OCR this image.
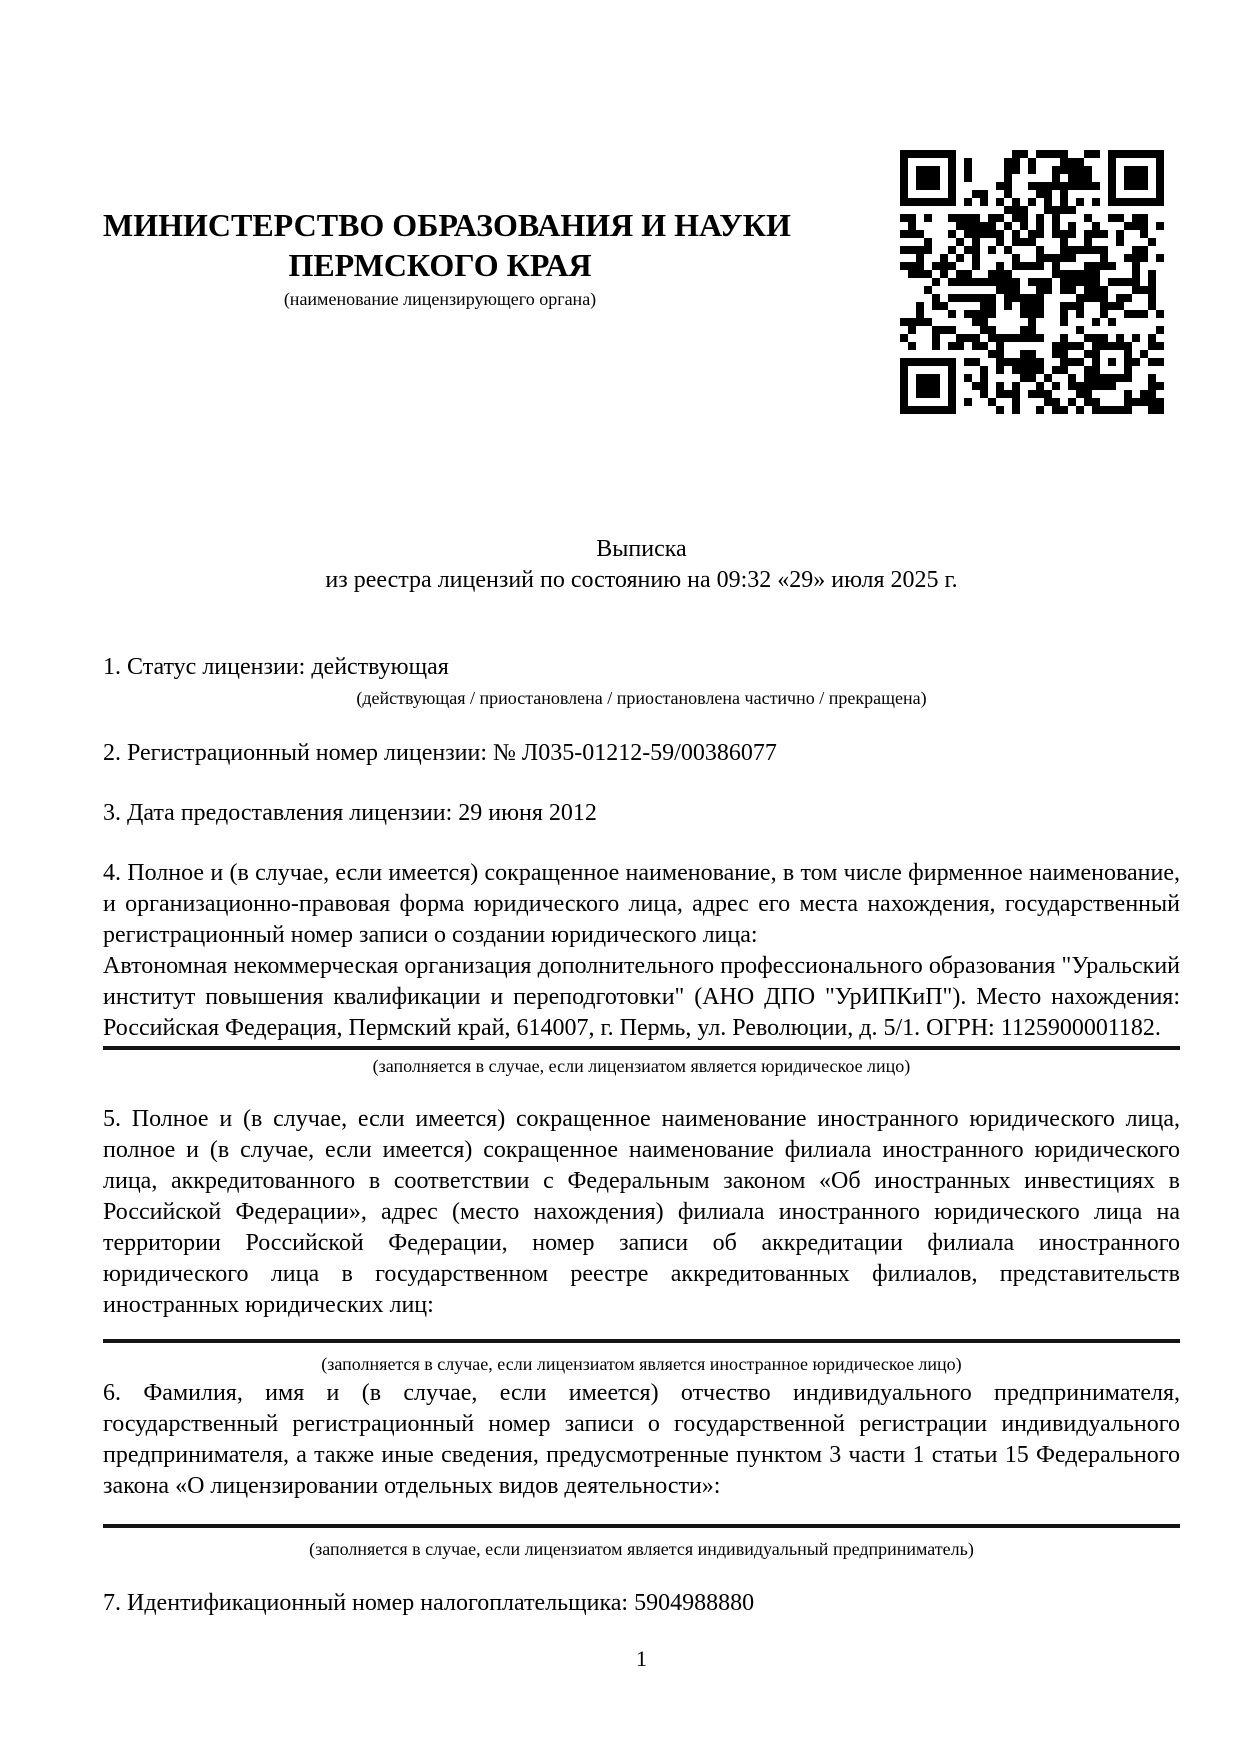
МИНИСТЕРСТВО ОБРАЗОВАНИЯ И НАУКИ
ПЕРМСКОГО КРАЯ
(наименование лицензирующего органа)
Выписка
из реестра лицензий по состоянию на 09:32 «29» июля 2025 г.
1. Статус лицензии: действующая
(действующая / приостановлена / приостановлена частично / прекращена)
2. Регистрационный номер лицензии: № Л035-01212-59/00386077
3. Дата предоставления лицензии: 29 июня 2012
4. Полное и (в случае, если имеется) сокращенное наименование, в том числе фирменное наименование, и организационно-правовая форма юридического лица, адрес его места нахождения, государственный регистрационный номер записи о создании юридического лица:
Автономная некоммерческая организация дополнительного профессионального образования "Уральский институт повышения квалификации и переподготовки" (АНО ДПО "УрИПКиП"). Место нахождения: Российская Федерация, Пермский край, 614007, г. Пермь, ул. Революции, д. 5/1. ОГРН: 1125900001182.
(заполняется в случае, если лицензиатом является юридическое лицо)
5. Полное и (в случае, если имеется) сокращенное наименование иностранного юридического лица, полное и (в случае, если имеется) сокращенное наименование филиала иностранного юридического лица, аккредитованного в соответствии с Федеральным законом «Об иностранных инвестициях в Российской Федерации», адрес (место нахождения) филиала иностранного юридического лица на территории Российской Федерации, номер записи об аккредитации филиала иностранного юридического лица в государственном реестре аккредитованных филиалов, представительств иностранных юридических лиц:
(заполняется в случае, если лицензиатом является иностранное юридическое лицо)
6. Фамилия, имя и (в случае, если имеется) отчество индивидуального предпринимателя, государственный регистрационный номер записи о государственной регистрации индивидуального предпринимателя, а также иные сведения, предусмотренные пунктом 3 части 1 статьи 15 Федерального закона «О лицензировании отдельных видов деятельности»:
(заполняется в случае, если лицензиатом является индивидуальный предприниматель)
7. Идентификационный номер налогоплательщика: 5904988880
1
